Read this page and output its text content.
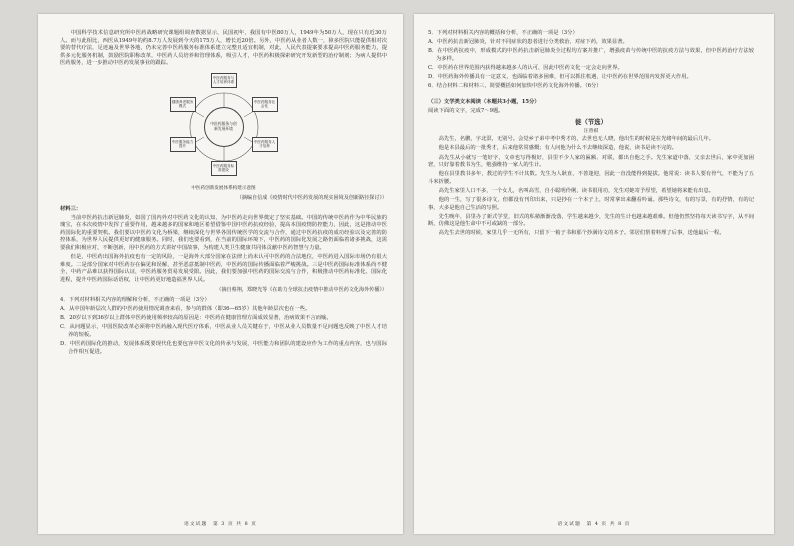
中国科学技术信息研究所中医药战略研究课题组调查数据显示，民国初年，我国有中医80万人，1949年为50万人，现在只有近30万人。而与此相比，西医从1949年的约8.7万人发展到今天的175万人，增长近20倍。另外，中医药从业者人数一，獐多医院只能提供相对次要的替代疗法，足迹遍及世界各地，仍未完善中医药服务标准体系建立完整且适宜机制，对此，人民代表提案要求提高中医药服务能力，提供多元化服务机制，鼓励医院职称改革，中医药人员培养和管理体系，吸引人才，中医药积极探索研究开发新型的治疗制剂；为病人提供中医药服务，进一步推动中医药发展事业的跟踪。

中医药服务与人才培养体系
中医药服务社会化
中医药服务人才培养
中医药服务标准建设
中医服务能力提升
健康养老服务模式
中医药服务与创新发展环境
中医药创新发展体系构建示意图

（摘编自信成《疫情时代中医药发展的现实困境及创新路径探讨》）

材料三：

当前中医药抗击新冠肺炎，如国了国内外对中医药文化的认知，为中医药走向世界奠定了坚实基础。中国的传统中医药作为中华民族的瑰宝，在本次疫情中发挥了重要作用，越来越多的国家和地区希望借鉴中国中医药抗疫经验，提高本国疫情防控能力，因此，这是推动中医药国际化的重要契机。我们要以中医药文化为桥梁，继续深化与世界各国传统医学的交流与合作，通过中医药抗疫的成功经验以及完善的防控体系，为世界人民提供更好的健康服务。同时，我们也要看到，在当前的国际环境下，中医药的国际化发展之路仍面临着诸多挑战，这需要我们积极应对，不断创新，用中医药的方式讲好中国故事，为构建人类卫生健康共同体贡献中医药智慧与力量。

但是，中医药出国海外抗疫也有一定的风险，一是海外大部分国家在法律上尚未认可中医药的合法地位，中医药进入国际市场仍有很大难度。二是部分国家对中医药存在偏见和误解，甚至恶意抵制中医药，中医药的国际传播面临着严峻挑战。三是中医药国际标准体系尚不健全，中药产品难以获得国际认证，中医药服务贸易发展受限。因此，我们要加强中医药的国际交流与合作，积极推动中医药标准化、国际化进程，提升中医药国际话语权，让中医药更好地造福世界人民。

（摘自蔡翔，郑晓光等《在助力全球抗击疫情中推动中医药文化海外传播》）

4．下列对材料相关内容的理解和分析，不正确的一项是（3分）

A．从中国年龄层次人群的中医药使用情况调查来看，参与的群体（即36—65岁）其他年龄层次也在一些。

B．20岁以下到36岁以上群体中医药使用频率较高的原因是：中医药在健康管理方面成效显著，治病效果不言而喻。

C．从问题显示，中国医院改革必须将中医药融入现代医疗体系，中医从业人员关键在于，中医从业人员数量不足问题也反映了中医人才培养的短板。

D．中医药国际化的推动，发展体系既要现代化也要包容中医文化的传承与发展，中医能力和团队的建设应作为工作的重点内容，也与国际合作相互促进。

语文试题　第 3 页 共 8 页

5．下列对材料相关内容的概括和分析，不正确的一项是（3分）

A．中医药抗击新冠肺炎，针对不同症状的患者进行分类救治，对症下药，效果显著。

B．在中医药抗疫中，形成模式的中医药抗击新冠肺炎全过程均方案并推广，增强疫苗与传统中医的抗疫方法与效果，但中医药治疗方法较为多样。

C．中医药在世界范围内获得越来越多人的认可，因此中医药文化一定会走向世界。

D．中医药海外传播具有一定意义，也面临着诸多困难，但可以抓住机遇，让中医药在世界范围内发挥更大作用。

6．结合材料二和材料三，简要概括如何加快中医药文化海外传播。（6分）

（三）文学类文本阅读（本题共3小题，15分）

阅读下面的文字，完成7～9题。

徙（节选）
汪曾祺

高先生，名鹏，字北溟，无别号。会觉乡子弟中考中秀才的，去世也无人晓，他出生的时候是在光绪年间的最后几年。

他是本县最后的一批秀才，后来他常常感慨；有人问他为什么不去继续深造，他说，读书是读不完的。

高先生从小就写一笔好字，文章也写得极好，县里不少人家的匾额、对联，都出自他之手。先生家道中落，父亲去世后，家中更加困窘，只好靠着教书为生，勉强维持一家人的生计。

他在县里教书多年，教过的学生不计其数。先生为人耿直，不善逢迎，因此一直没能得到提拔。他常说：读书人要有骨气，不能为了五斗米折腰。

高先生家里人口不多，一个女儿，名叫高雪，自小聪明伶俐，读书很用功，先生对她寄予厚望，希望她将来能有出息。

他的一生，写了很多诗文，但都没有刊印出来，只是抄在一个本子上，时常拿出来翻看吟诵。那些诗文，有的写景，有的抒情，有的记事，大多是他自己生活的写照。

先生晚年，县里办了新式学堂，旧式的私塾渐渐没落，学生越来越少，先生的生计也越来越艰难。但他仍然坚持每天读书写字，从不间断，仿佛这是他生命中不可或缺的一部分。

高先生去世的时候，家里几乎一无所有，只留下一箱子书和那个抄满诗文的本子。邻居们帮着料理了后事，送他最后一程。

语文试题　第 4 页 共 8 页
